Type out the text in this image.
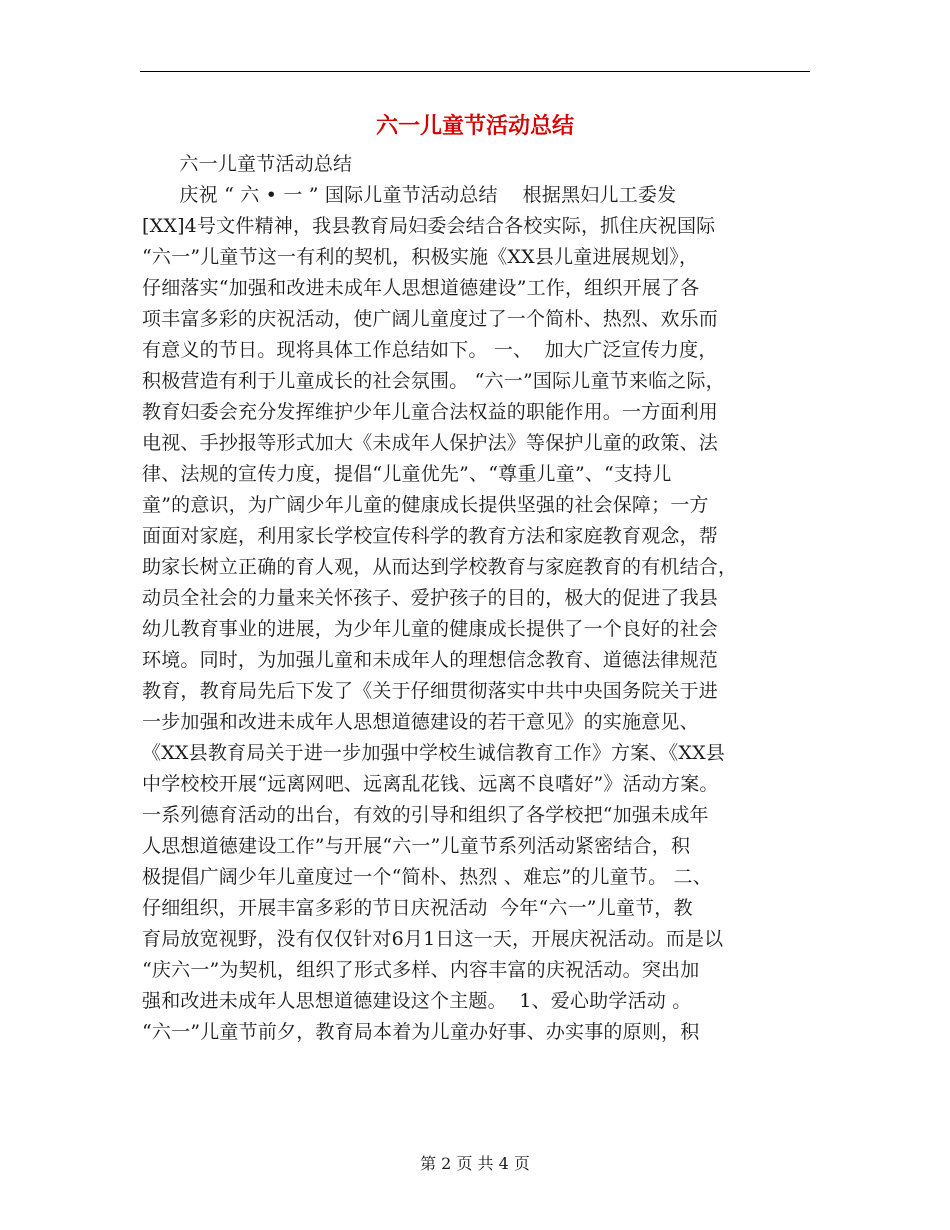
六一儿童节活动总结
六一儿童节活动总结
庆祝 “ 六 • 一 ” 国际儿童节活动总结    根据黑妇儿工委发
[XX]4号文件精神，我县教育局妇委会结合各校实际，抓住庆祝国际
“六一”儿童节这一有利的契机，积极实施《XX县儿童进展规划》，
仔细落实“加强和改进未成年人思想道德建设”工作，组织开展了各
项丰富多彩的庆祝活动，使广阔儿童度过了一个简朴、热烈、欢乐而
有意义的节日。现将具体工作总结如下。 一、  加大广泛宣传力度，
积极营造有利于儿童成长的社会氛围。 “六一”国际儿童节来临之际，
教育妇委会充分发挥维护少年儿童合法权益的职能作用。一方面利用
电视、手抄报等形式加大《未成年人保护法》等保护儿童的政策、法
律、法规的宣传力度，提倡“儿童优先”、“尊重儿童”、“支持儿
童”的意识，为广阔少年儿童的健康成长提供坚强的社会保障；一方
面面对家庭，利用家长学校宣传科学的教育方法和家庭教育观念，帮
助家长树立正确的育人观，从而达到学校教育与家庭教育的有机结合，
动员全社会的力量来关怀孩子、爱护孩子的目的，极大的促进了我县
幼儿教育事业的进展，为少年儿童的健康成长提供了一个良好的社会
环境。同时，为加强儿童和未成年人的理想信念教育、道德法律规范
教育，教育局先后下发了《关于仔细贯彻落实中共中央国务院关于进
一步加强和改进未成年人思想道德建设的若干意见》的实施意见、
《XX县教育局关于进一步加强中学校生诚信教育工作》方案、《XX县
中学校校开展“远离网吧、远离乱花钱、远离不良嗜好”》活动方案。
一系列德育活动的出台，有效的引导和组织了各学校把“加强未成年
人思想道德建设工作”与开展“六一”儿童节系列活动紧密结合，积
极提倡广阔少年儿童度过一个“简朴、热烈 、难忘”的儿童节。 二、
仔细组织，开展丰富多彩的节日庆祝活动  今年“六一”儿童节，教
育局放宽视野，没有仅仅针对6月1日这一天，开展庆祝活动。而是以
“庆六一”为契机，组织了形式多样、内容丰富的庆祝活动。突出加
强和改进未成年人思想道德建设这个主题。  1、爱心助学活动 。
“六一”儿童节前夕，教育局本着为儿童办好事、办实事的原则，积
第 2 页 共 4 页
